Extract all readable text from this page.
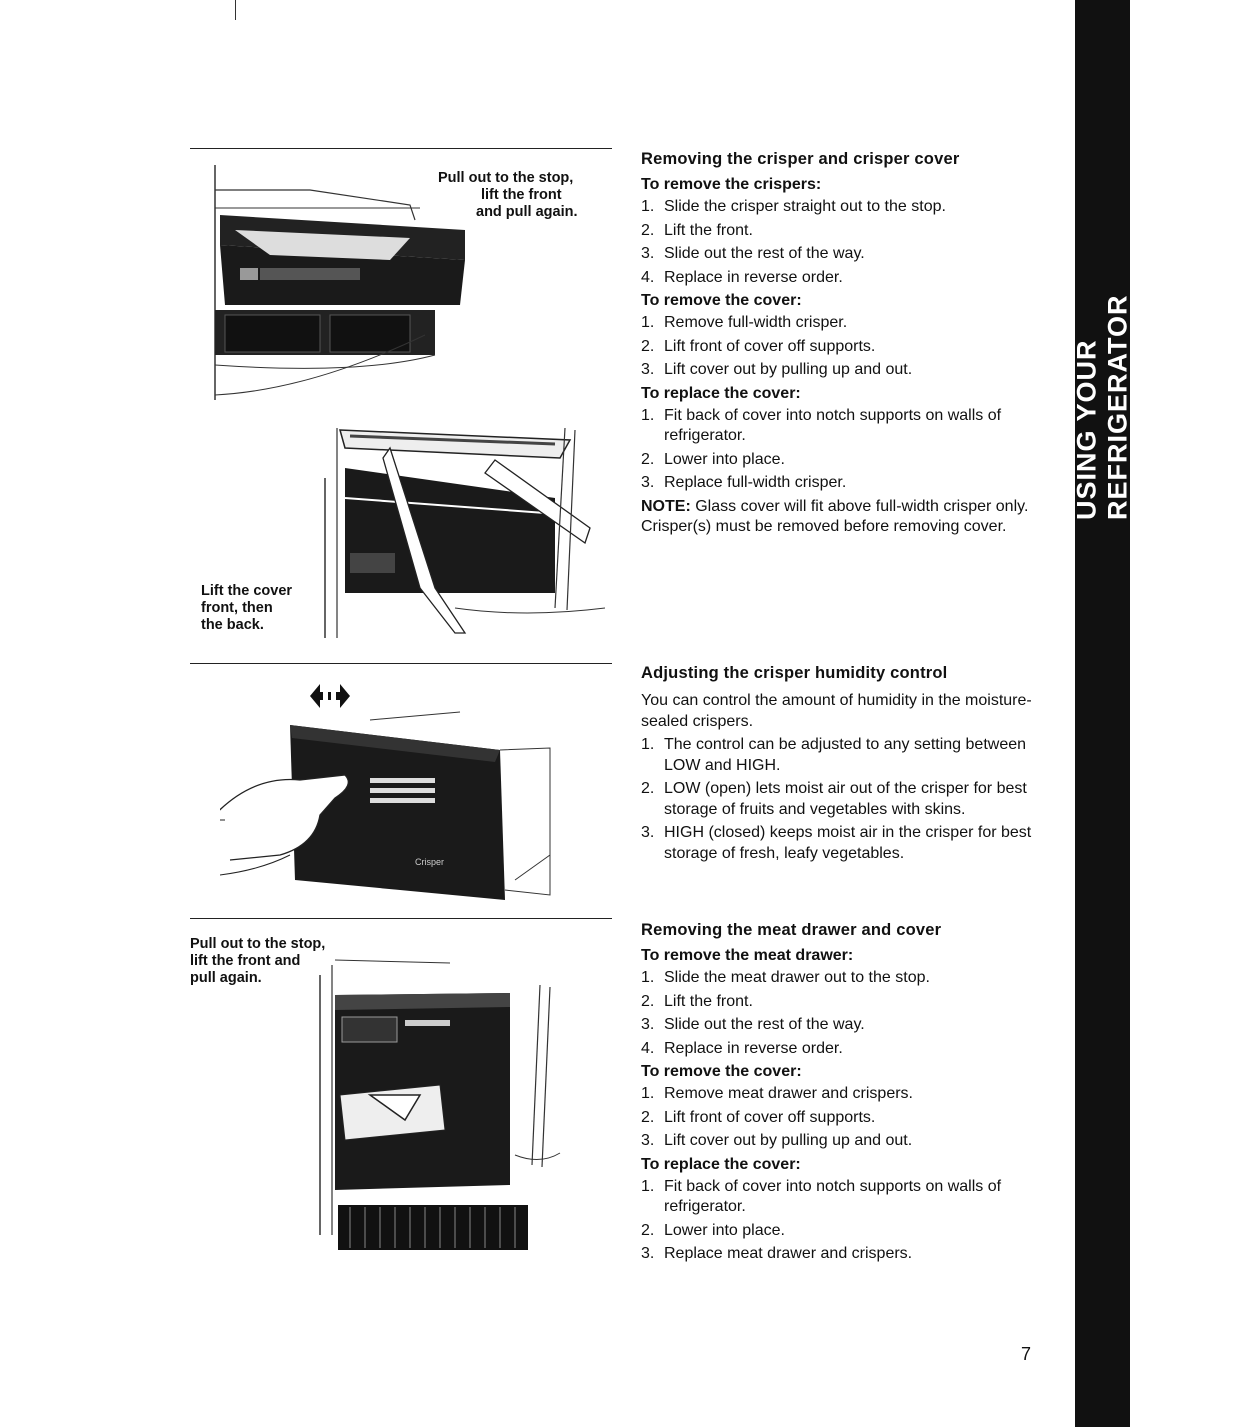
USING YOUR REFRIGERATOR
Pull out to the stop,
lift the front
and pull again.
Lift the cover
front, then
the back.
Crisper
Pull out to the stop,
lift the front and
pull again.
Removing the crisper and crisper cover
To remove the crispers:
1. Slide the crisper straight out to the stop.
2. Lift the front.
3. Slide out the rest of the way.
4. Replace in reverse order.
To remove the cover:
1. Remove full-width crisper.
2. Lift front of cover off supports.
3. Lift cover out by pulling up and out.
To replace the cover:
1. Fit back of cover into notch supports on walls of refrigerator.
2. Lower into place.
3. Replace full-width crisper.
NOTE: Glass cover will fit above full-width crisper only. Crisper(s) must be removed before removing cover.
Adjusting the crisper humidity control
You can control the amount of humidity in the moisture-sealed crispers.
1. The control can be adjusted to any setting between LOW and HIGH.
2. LOW (open) lets moist air out of the crisper for best storage of fruits and vegetables with skins.
3. HIGH (closed) keeps moist air in the crisper for best storage of fresh, leafy vegetables.
Removing the meat drawer and cover
To remove the meat drawer:
1. Slide the meat drawer out to the stop.
2. Lift the front.
3. Slide out the rest of the way.
4. Replace in reverse order.
To remove the cover:
1. Remove meat drawer and crispers.
2. Lift front of cover off supports.
3. Lift cover out by pulling up and out.
To replace the cover:
1. Fit back of cover into notch supports on walls of refrigerator.
2. Lower into place.
3. Replace meat drawer and crispers.
7
